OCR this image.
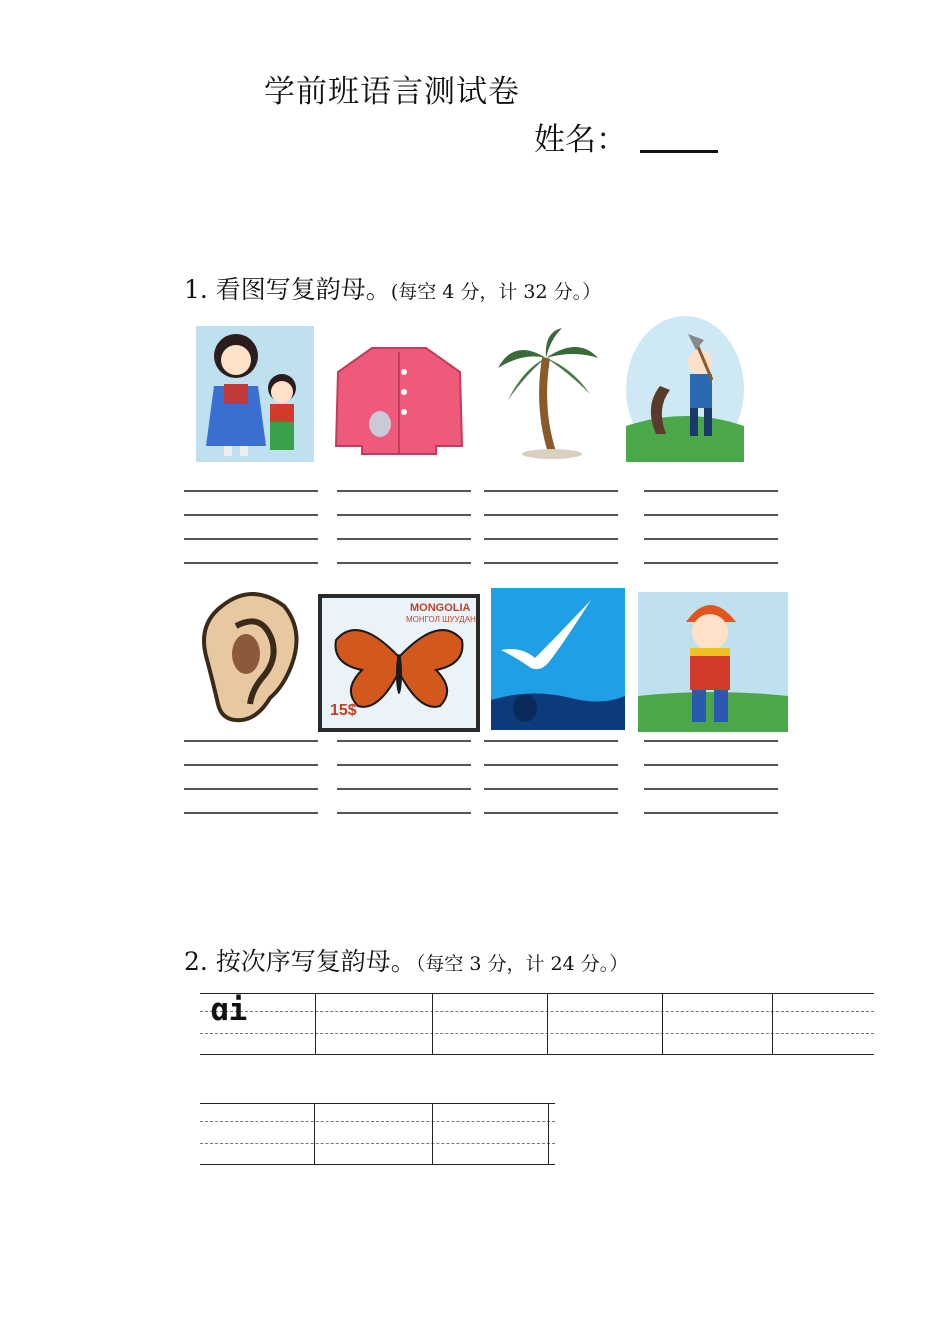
学前班语言测试卷
姓名：
1. 看图写复韵母。(每空 4 分，计 32 分。）
MONGOLIA
МОНГОЛ ШУУДАН
15$
2. 按次序写复韵母。（每空 3 分，计 24 分。）
ɑi
